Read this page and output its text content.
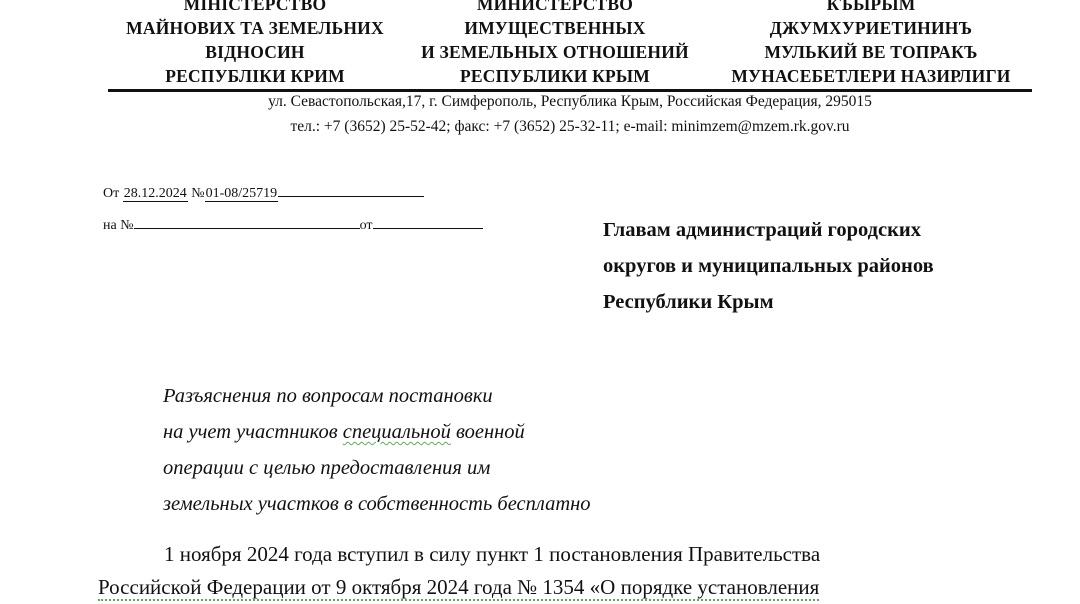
МІНІСТЕРСТВО
МАЙНОВИХ ТА ЗЕМЕЛЬНИХ
ВІДНОСИН
РЕСПУБЛІКИ КРИМ
МИНИСТЕРСТВО
ИМУЩЕСТВЕННЫХ
И ЗЕМЕЛЬНЫХ ОТНОШЕНИЙ
РЕСПУБЛИКИ КРЫМ
КЪЫРЫМ
ДЖУМХУРИЕТИНИНЪ
МУЛЬКИЙ ВЕ ТОПРАКЪ
МУНАСЕБЕТЛЕРИ НАЗИРЛИГИ
ул. Севастопольская,17, г. Симферополь, Республика Крым, Российская Федерация, 295015
тел.: +7 (3652) 25-52-42; факс: +7 (3652) 25-32-11; e-mail: minimzem@mzem.rk.gov.ru
От 28.12.2024 №01-08/25719
на №	от	Главам администраций городских
округов и муниципальных районов
Республики Крым
Разъяснения по вопросам постановки
на учет участников специальной военной
операции с целью предоставления им
земельных участков в собственность бесплатно
1 ноября 2024 года вступил в силу пункт 1 постановления Правительства
Российской Федерации от 9 октября 2024 года № 1354 «О порядке установления
